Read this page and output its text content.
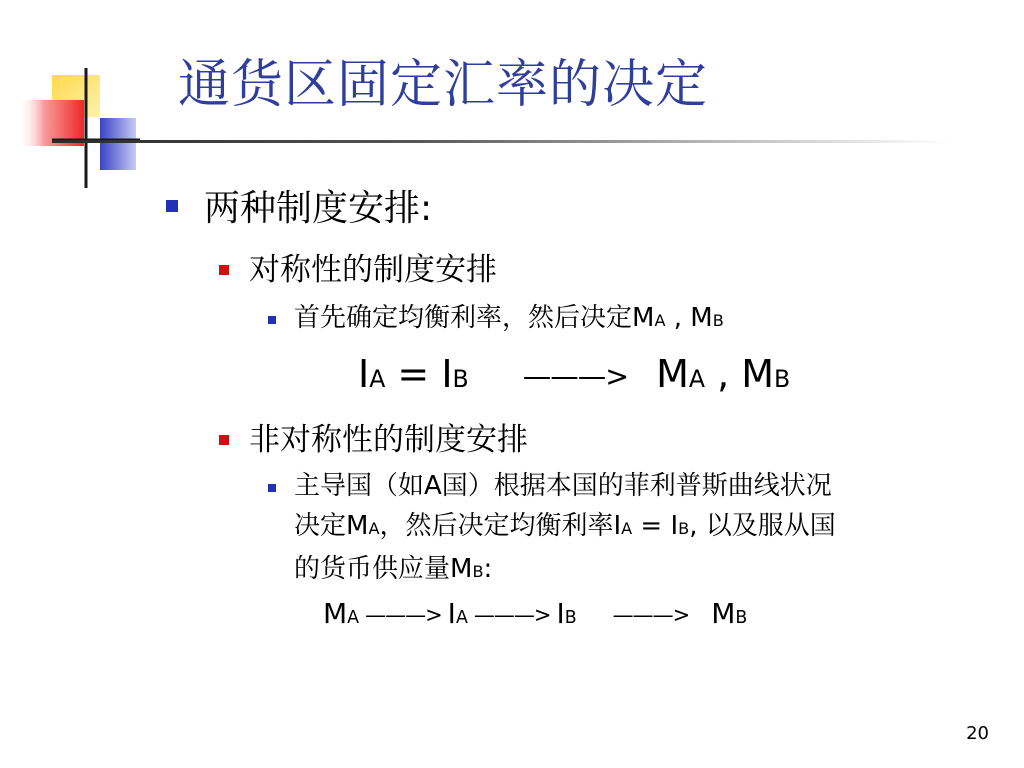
通货区固定汇率的决定
两种制度安排:
对称性的制度安排
首先确定均衡利率，然后决定MA , MB
IA = IB ———> MA , MB
非对称性的制度安排
主导国（如A国）根据本国的菲利普斯曲线状况
决定MA，然后决定均衡利率IA = IB, 以及服从国
的货币供应量MB:
MA ———> IA ———> IB ———> MB
20
